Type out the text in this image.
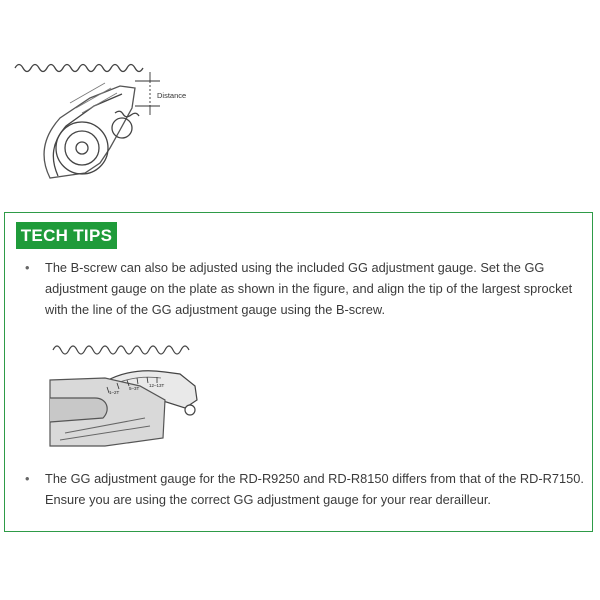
Distance
TECH TIPS
•	The B-screw can also be adjusted using the included GG adjustment gauge. Set the GG adjustment gauge on the plate as shown in the figure, and align the tip of the largest sprocket with the line of the GG adjustment gauge using the B-screw.
1–2T
5–3T
12–13T
•	The GG adjustment gauge for the RD-R9250 and RD-R8150 differs from that of the RD-R7150. Ensure you are using the correct GG adjustment gauge for your rear derailleur.
